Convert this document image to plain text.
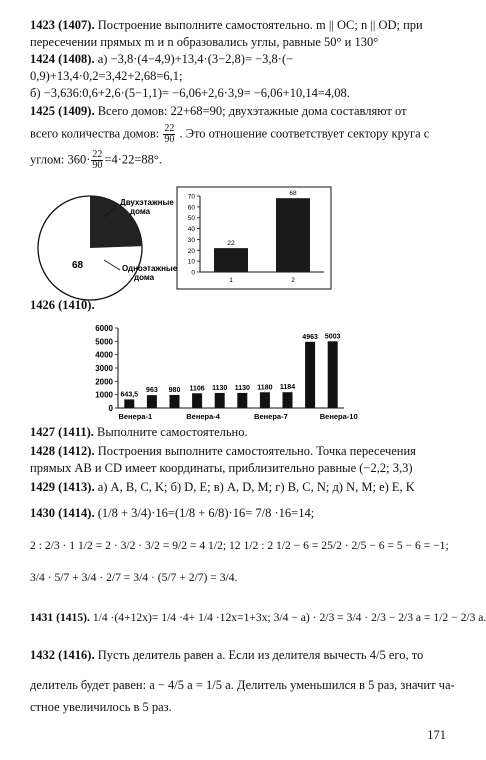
1423 (1407). Построение выполните самостоятельно. m || OC; n || OD; при
пересечении прямых m и n образовались углы, равные 50° и 130°
1424 (1408). а) −3,8·(4−4,9)+13,4·(3−2,8)= −3,8·(−
0,9)+13,4·0,2=3,42+2,68=6,1;
б) −3,636:0,6+2,6·(5−1,1)= −6,06+2,6·3,9= −6,06+10,14=4,08.
1425 (1409). Всего домов: 22+68=90; двухэтажные дома составляют от
всего количества домов: $\frac{22}{90}$ . Это отношение соответствует сектору круга с
углом: $360\cdot \frac{22}{90} =4\cdot 22=88^\circ$.
68
Двухэтажные
дома
Одноэтажные
дома	0
10
20
30
40
50
60
70
22
1
68
2
1426 (1410).
0
1000
2000
3000
4000
5000
6000
643,5
963 980 1106 1130 1130 1180 1184
4963 5003
Венера-1	Венера-4	Венера-7	Венера-10
1427 (1411). Выполните самостоятельно.
1428 (1412). Построения выполните самостоятельно. Точка пересечения
прямых AB и CD имеет координаты, приблизительно равные (−2,2; 3,3)
1429 (1413). а) A, B, C, K; б) D, E; в) A, D, M; г) B, C, N; д) N, M; е) E, K
1430 (1414). (1/8 + 3/4)·16=(1/8 + 6/8)·16= 7/8 ·16=14;
2 : 2/3 · 1 1/2 = 2 · 3/2 · 3/2 = 9/2 = 4 1/2; 12 1/2 : 2 1/2 − 6 = 25/2 · 2/5 − 6 = 5 − 6 = −1;
3/4 · 5/7 + 3/4 · 2/7 = 3/4 · (5/7 + 2/7) = 3/4.
1431 (1415). 1/4 ·(4+12x)= 1/4 ·4+ 1/4 ·12x=1+3x; 3/4 − a) · 2/3 = 3/4 · 2/3 − 2/3 a = 1/2 − 2/3 a.
1432 (1416). Пусть делитель равен a. Если из делителя вычесть 4/5 его, то
делитель будет равен: a − 4/5 a = 1/5 a. Делитель уменьшился в 5 раз, значит ча-
стное увеличилось в 5 раз.
171
